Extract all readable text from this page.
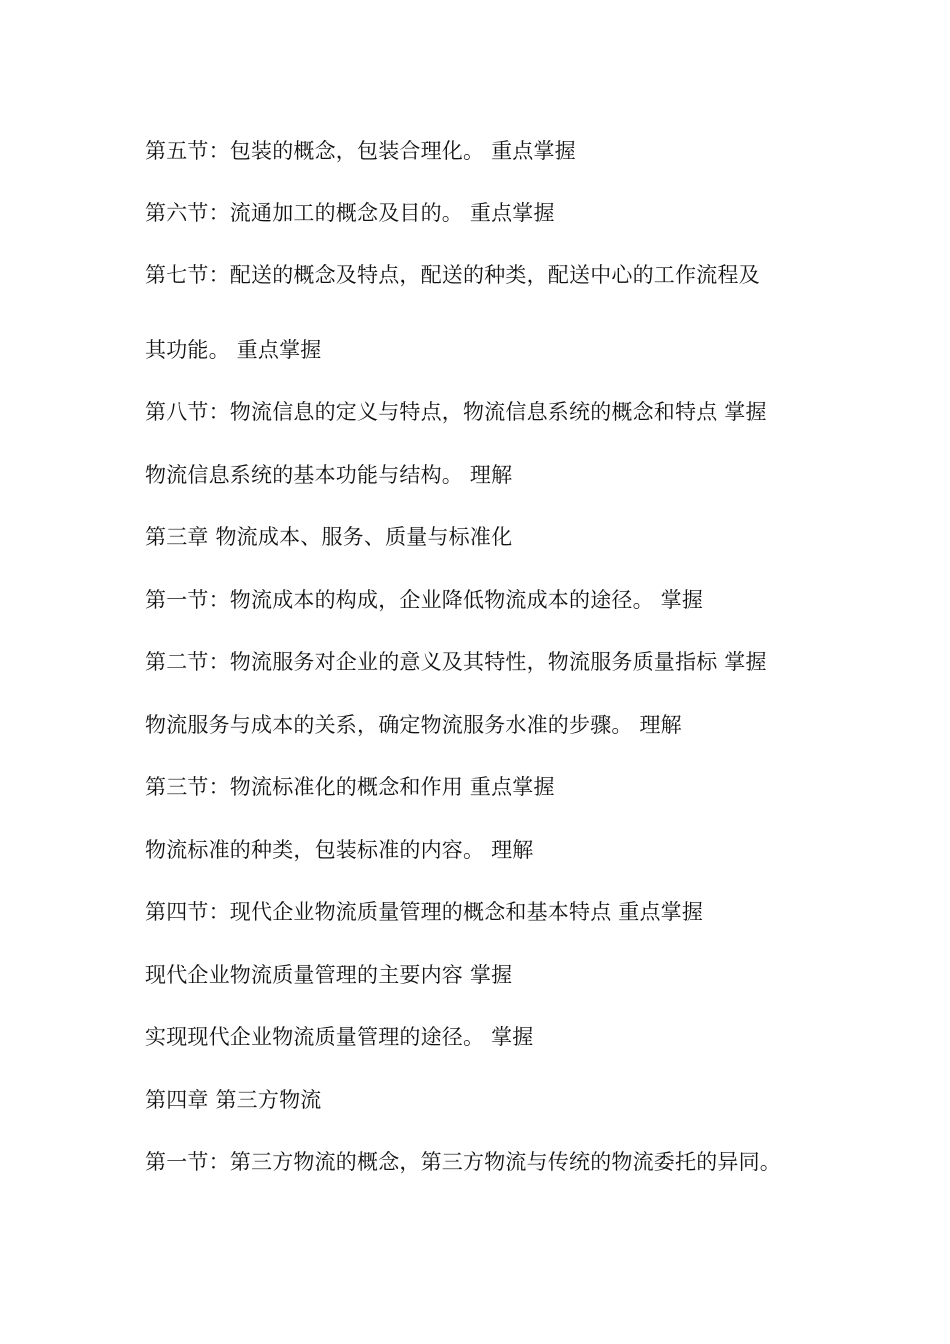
第五节：包装的概念，包装合理化。 重点掌握
第六节：流通加工的概念及目的。 重点掌握
第七节：配送的概念及特点，配送的种类，配送中心的工作流程及
其功能。 重点掌握
第八节：物流信息的定义与特点，物流信息系统的概念和特点 掌握
物流信息系统的基本功能与结构。 理解
第三章 物流成本、服务、质量与标准化
第一节：物流成本的构成，企业降低物流成本的途径。 掌握
第二节：物流服务对企业的意义及其特性，物流服务质量指标 掌握
物流服务与成本的关系，确定物流服务水准的步骤。 理解
第三节：物流标准化的概念和作用 重点掌握
物流标准的种类，包装标准的内容。 理解
第四节：现代企业物流质量管理的概念和基本特点 重点掌握
现代企业物流质量管理的主要内容 掌握
实现现代企业物流质量管理的途径。 掌握
第四章 第三方物流
第一节：第三方物流的概念，第三方物流与传统的物流委托的异同。
